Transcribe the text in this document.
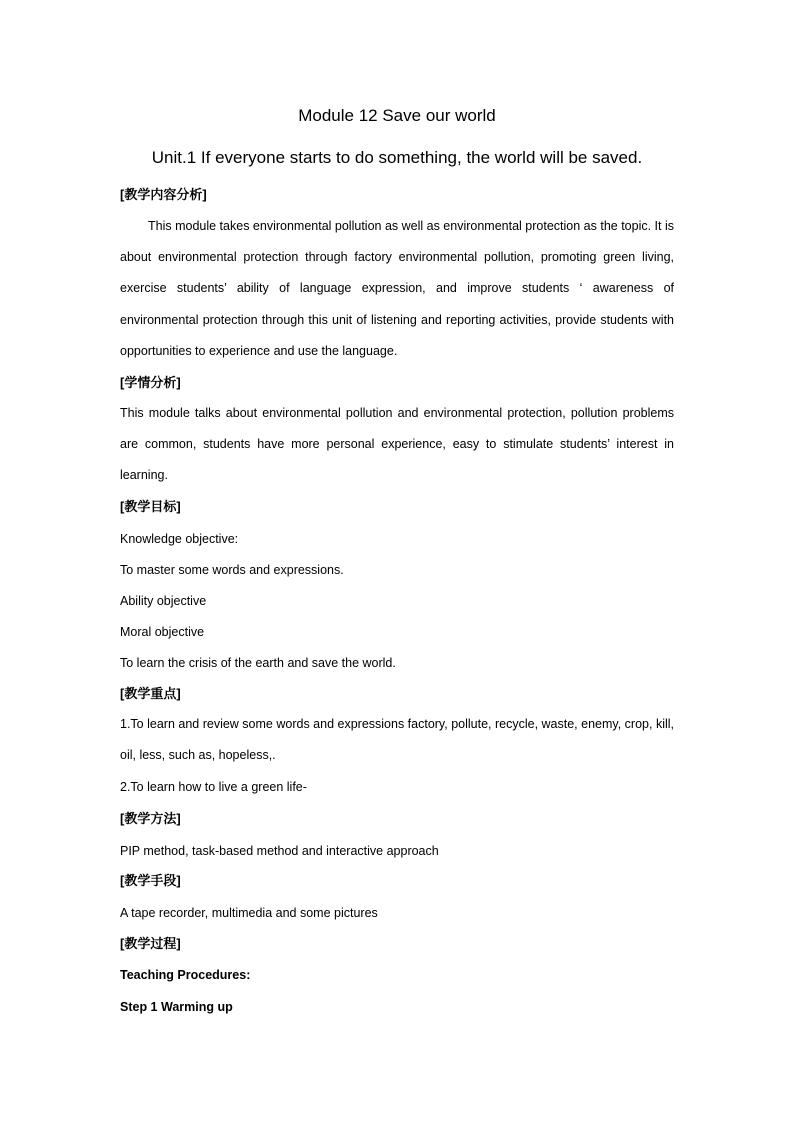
Module 12 Save our world
Unit.1 If everyone starts to do something, the world will be saved.
[教学内容分析]

This module takes environmental pollution as well as environmental protection as the topic. It is about environmental protection through factory environmental pollution, promoting green living, exercise students’ ability of language expression, and improve students ‘ awareness of environmental protection through this unit of listening and reporting activities, provide students with opportunities to experience and use the language.

[学情分析]

This module talks about environmental pollution and environmental protection, pollution problems are common, students have more personal experience, easy to stimulate students’ interest in learning.

[教学目标]
Knowledge objective:
To master some words and expressions.
Ability objective
Moral objective
To learn the crisis of the earth and save the world.
[教学重点]

1.To learn and review some words and expressions factory, pollute, recycle, waste, enemy, crop, kill, oil, less, such as, hopeless,.

2.To learn how to live a green life-
[教学方法]
PIP method, task-based method and interactive approach
[教学手段]
A tape recorder, multimedia and some pictures
[教学过程]
Teaching Procedures:
Step 1 Warming up
